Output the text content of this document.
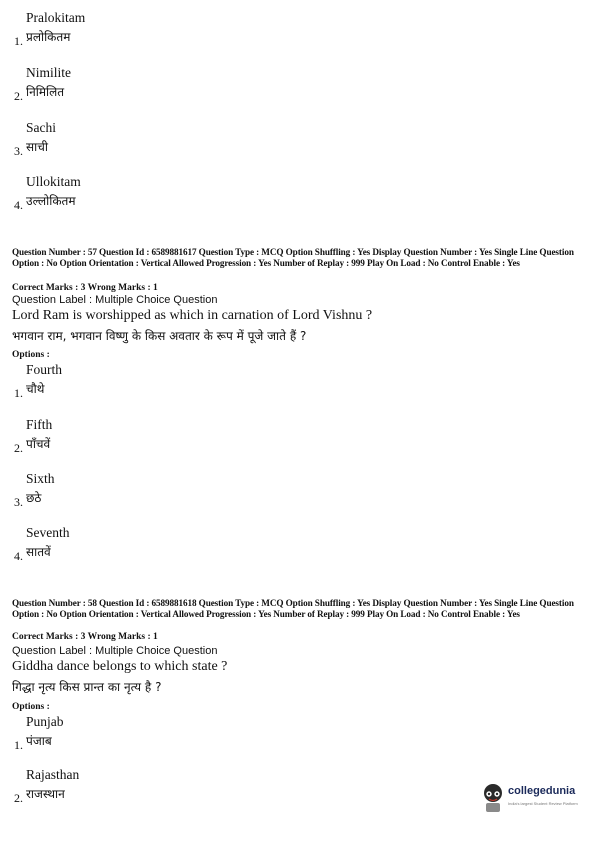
Pralokitam
1. प्रलोकितम
Nimilite
2. निमिलित
Sachi
3. साची
Ullokitam
4. उल्लोकितम
Question Number : 57 Question Id : 6589881617 Question Type : MCQ Option Shuffling : Yes Display Question Number : Yes Single Line Question Option : No Option Orientation : Vertical Allowed Progression : Yes Number of Replay : 999 Play On Load : No Control Enable : Yes
Correct Marks : 3 Wrong Marks : 1
Question Label : Multiple Choice Question
Lord Ram is worshipped as which in carnation of Lord Vishnu ?
भगवान राम, भगवान विष्णु के किस अवतार के रूप में पूजे जाते हैं ?
Options :
Fourth
1. चौथे
Fifth
2. पाँचवें
Sixth
3. छठे
Seventh
4. सातवें
Question Number : 58 Question Id : 6589881618 Question Type : MCQ Option Shuffling : Yes Display Question Number : Yes Single Line Question Option : No Option Orientation : Vertical Allowed Progression : Yes Number of Replay : 999 Play On Load : No Control Enable : Yes
Correct Marks : 3 Wrong Marks : 1
Question Label : Multiple Choice Question
Giddha dance belongs to which state ?
गिद्धा नृत्य किस प्रान्त का नृत्य है ?
Options :
Punjab
1. पंजाब
Rajasthan
2. राजस्थान	collegedunia
India's largest Student Review Platform
